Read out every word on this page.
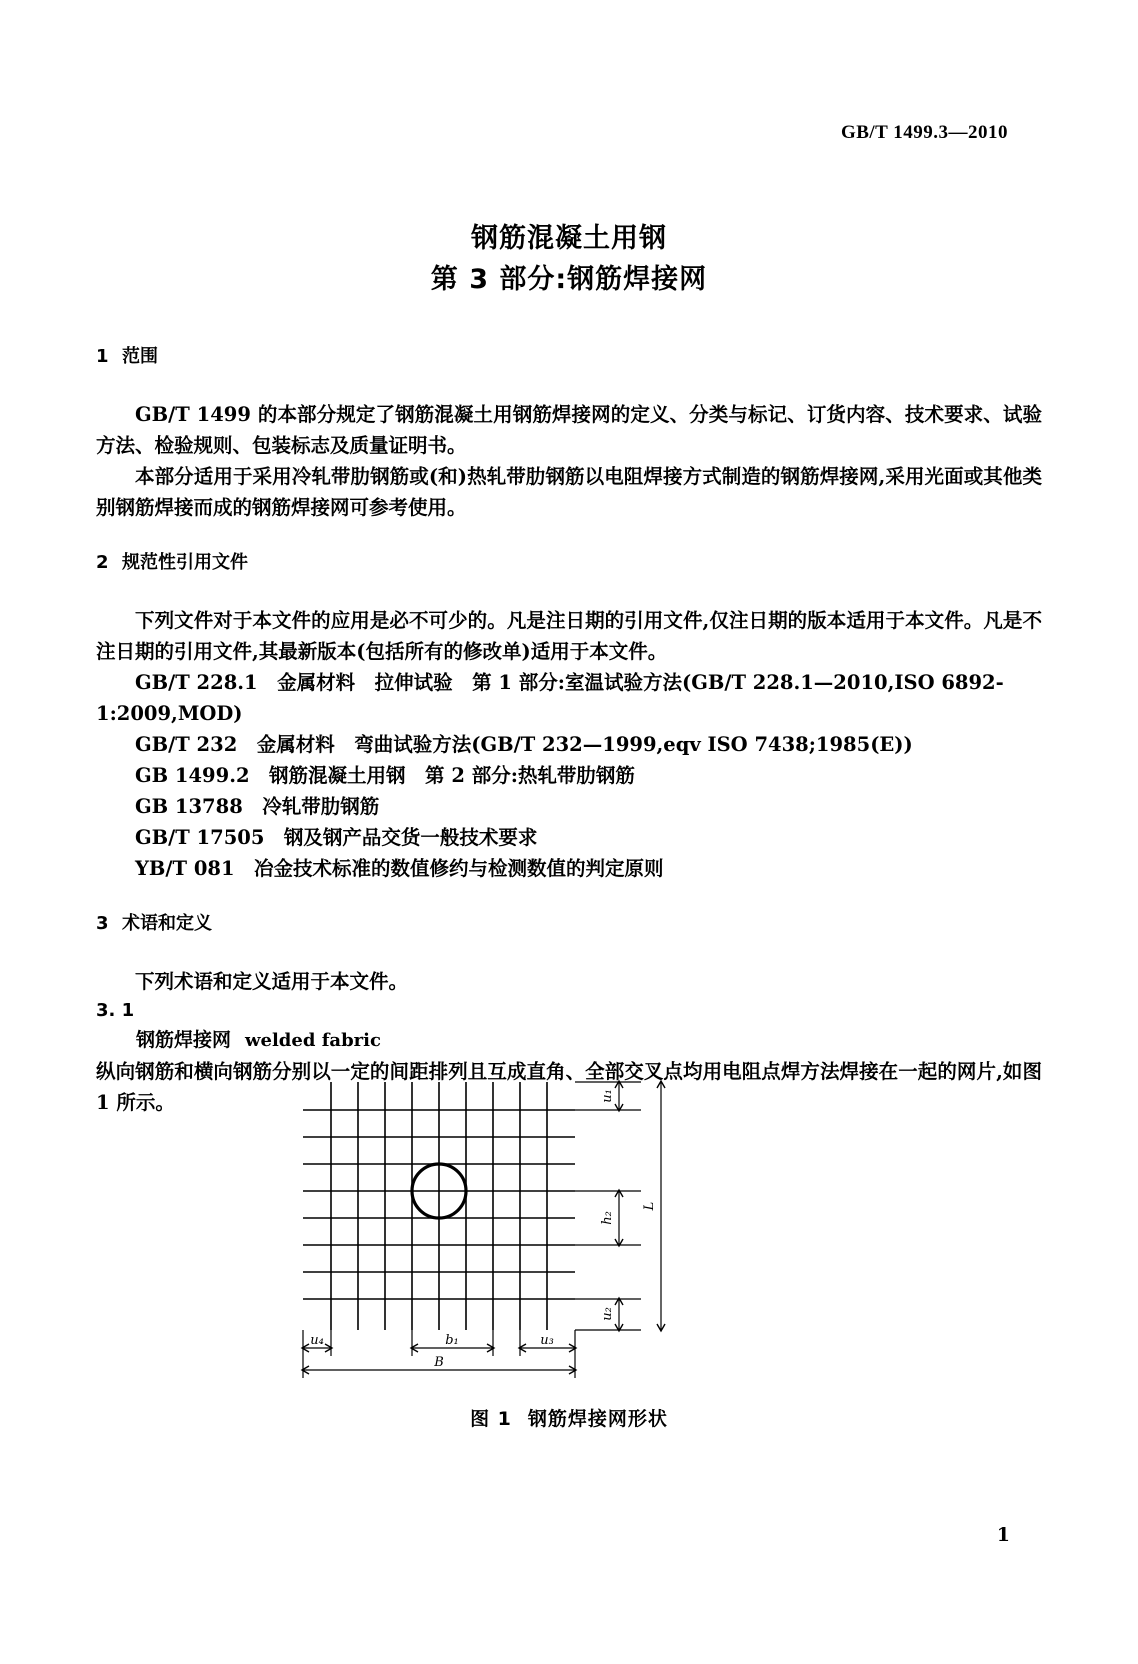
GB/T 1499.3—2010
钢筋混凝土用钢
第 3 部分:钢筋焊接网
1 范围

GB/T 1499 的本部分规定了钢筋混凝土用钢筋焊接网的定义、分类与标记、订货内容、技术要求、试验方法、检验规则、包装标志及质量证明书。

本部分适用于采用冷轧带肋钢筋或(和)热轧带肋钢筋以电阻焊接方式制造的钢筋焊接网,采用光面或其他类别钢筋焊接而成的钢筋焊接网可参考使用。

2 规范性引用文件

下列文件对于本文件的应用是必不可少的。凡是注日期的引用文件,仅注日期的版本适用于本文件。凡是不注日期的引用文件,其最新版本(包括所有的修改单)适用于本文件。

GB/T 228.1　金属材料　拉伸试验　第 1 部分:室温试验方法(GB/T 228.1—2010,ISO 6892-1:2009,MOD)

GB/T 232　金属材料　弯曲试验方法(GB/T 232—1999,eqv ISO 7438;1985(E))

GB 1499.2　钢筋混凝土用钢　第 2 部分:热轧带肋钢筋

GB 13788　冷轧带肋钢筋

GB/T 17505　钢及钢产品交货一般技术要求

YB/T 081　冶金技术标准的数值修约与检测数值的判定原则

3 术语和定义

下列术语和定义适用于本文件。

3. 1

钢筋焊接网 welded fabric

纵向钢筋和横向钢筋分别以一定的间距排列且互成直角、全部交叉点均用电阻点焊方法焊接在一起的网片,如图 1 所示。	u₁
h₂
u₂
L
u₄	b₁	u₃
B
图 1 钢筋焊接网形状
1
